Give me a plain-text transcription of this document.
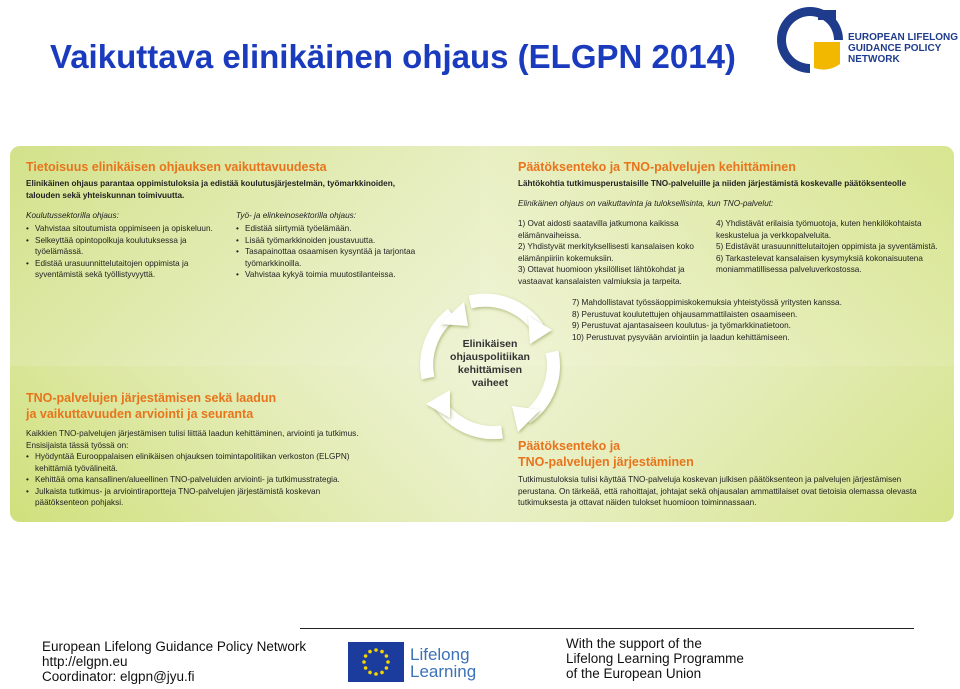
Vaikuttava elinikäinen ohjaus (ELGPN 2014)
EUROPEAN LIFELONG
GUIDANCE POLICY
NETWORK
Tietoisuus elinikäisen ohjauksen vaikuttavuudesta
Elinikäinen ohjaus parantaa oppimistuloksia ja edistää koulutusjärjestelmän, työmarkkinoiden, talouden sekä yhteiskunnan toimivuutta.
Koulutussektorilla ohjaus:
• Vahvistaa sitoutumista oppimiseen ja opiskeluun.
• Selkeyttää opintopolkuja koulutuksessa ja työelämässä.
• Edistää urasuunnittelutaitojen oppimista ja syventämistä sekä työllistyvyyttä.
Työ- ja elinkeinosektorilla ohjaus:
• Edistää siirtymiä työelämään.
• Lisää työmarkkinoiden joustavuutta.
• Tasapainottaa osaamisen kysyntää ja tarjontaa työmarkkinoilla.
• Vahvistaa kykyä toimia muutostilanteissa.
Päätöksenteko ja TNO-palvelujen kehittäminen
Lähtökohtia tutkimusperustaisille TNO-palveluille ja niiden järjestämistä koskevalle päätöksenteolle
Elinikäinen ohjaus on vaikuttavinta ja tuloksellisinta, kun TNO-palvelut:
1) Ovat aidosti saatavilla jatkumona kaikissa elämänvaiheissa.
2) Yhdistyvät merkityksellisesti kansalaisen koko elämänpiiriin kokemuksiin.
3) Ottavat huomioon yksilölliset lähtökohdat ja vastaavat kansalaisten valmiuksia ja tarpeita.
4) Yhdistävät erilaisia työmuotoja, kuten henkilökohtaista keskustelua ja verkkopalveluita.
5) Edistävät urasuunnittelutaitojen oppimista ja syventämistä.
6) Tarkastelevat kansalaisen kysymyksiä kokonaisuutena moniammatillisessa palveluverkostossa.
7) Mahdollistavat työssäoppimiskokemuksia yhteistyössä yritysten kanssa.
8) Perustuvat koulutettujen ohjausammattilaisten osaamiseen.
9) Perustuvat ajantasaiseen koulutus- ja työmarkkinatietoon.
10) Perustuvat pysyvään arviointiin ja laadun kehittämiseen.
TNO-palvelujen järjestämisen sekä laadun
ja vaikuttavuuden arviointi ja seuranta
Kaikkien TNO-palvelujen järjestämisen tulisi liittää laadun kehittäminen, arviointi ja tutkimus. Ensisijaista tässä työssä on:
• Hyödyntää Eurooppalaisen elinikäisen ohjauksen toimintapolitiikan verkoston (ELGPN) kehittämiä työvälineitä.
• Kehittää oma kansallinen/alueellinen TNO-palveluiden arviointi- ja tutkimusstrategia.
• Julkaista tutkimus- ja arviointiraportteja TNO-palvelujen järjestämistä koskevan päätöksenteon pohjaksi.
Päätöksenteko ja
TNO-palvelujen järjestäminen
Tutkimustuloksia tulisi käyttää TNO-palveluja koskevan julkisen päätöksenteon ja palvelujen järjestämisen perustana. On tärkeää, että rahoittajat, johtajat sekä ohjausalan ammattilaiset ovat tietoisia olemassa olevasta tutkimuksesta ja ottavat näiden tulokset huomioon toiminnassaan.
Elinikäisen
ohjauspolitiikan
kehittämisen
vaiheet
European Lifelong Guidance Policy Network
http://elgpn.eu
Coordinator: elgpn@jyu.fi
Lifelong
Learning
With the support of the
Lifelong Learning Programme
of the European Union
